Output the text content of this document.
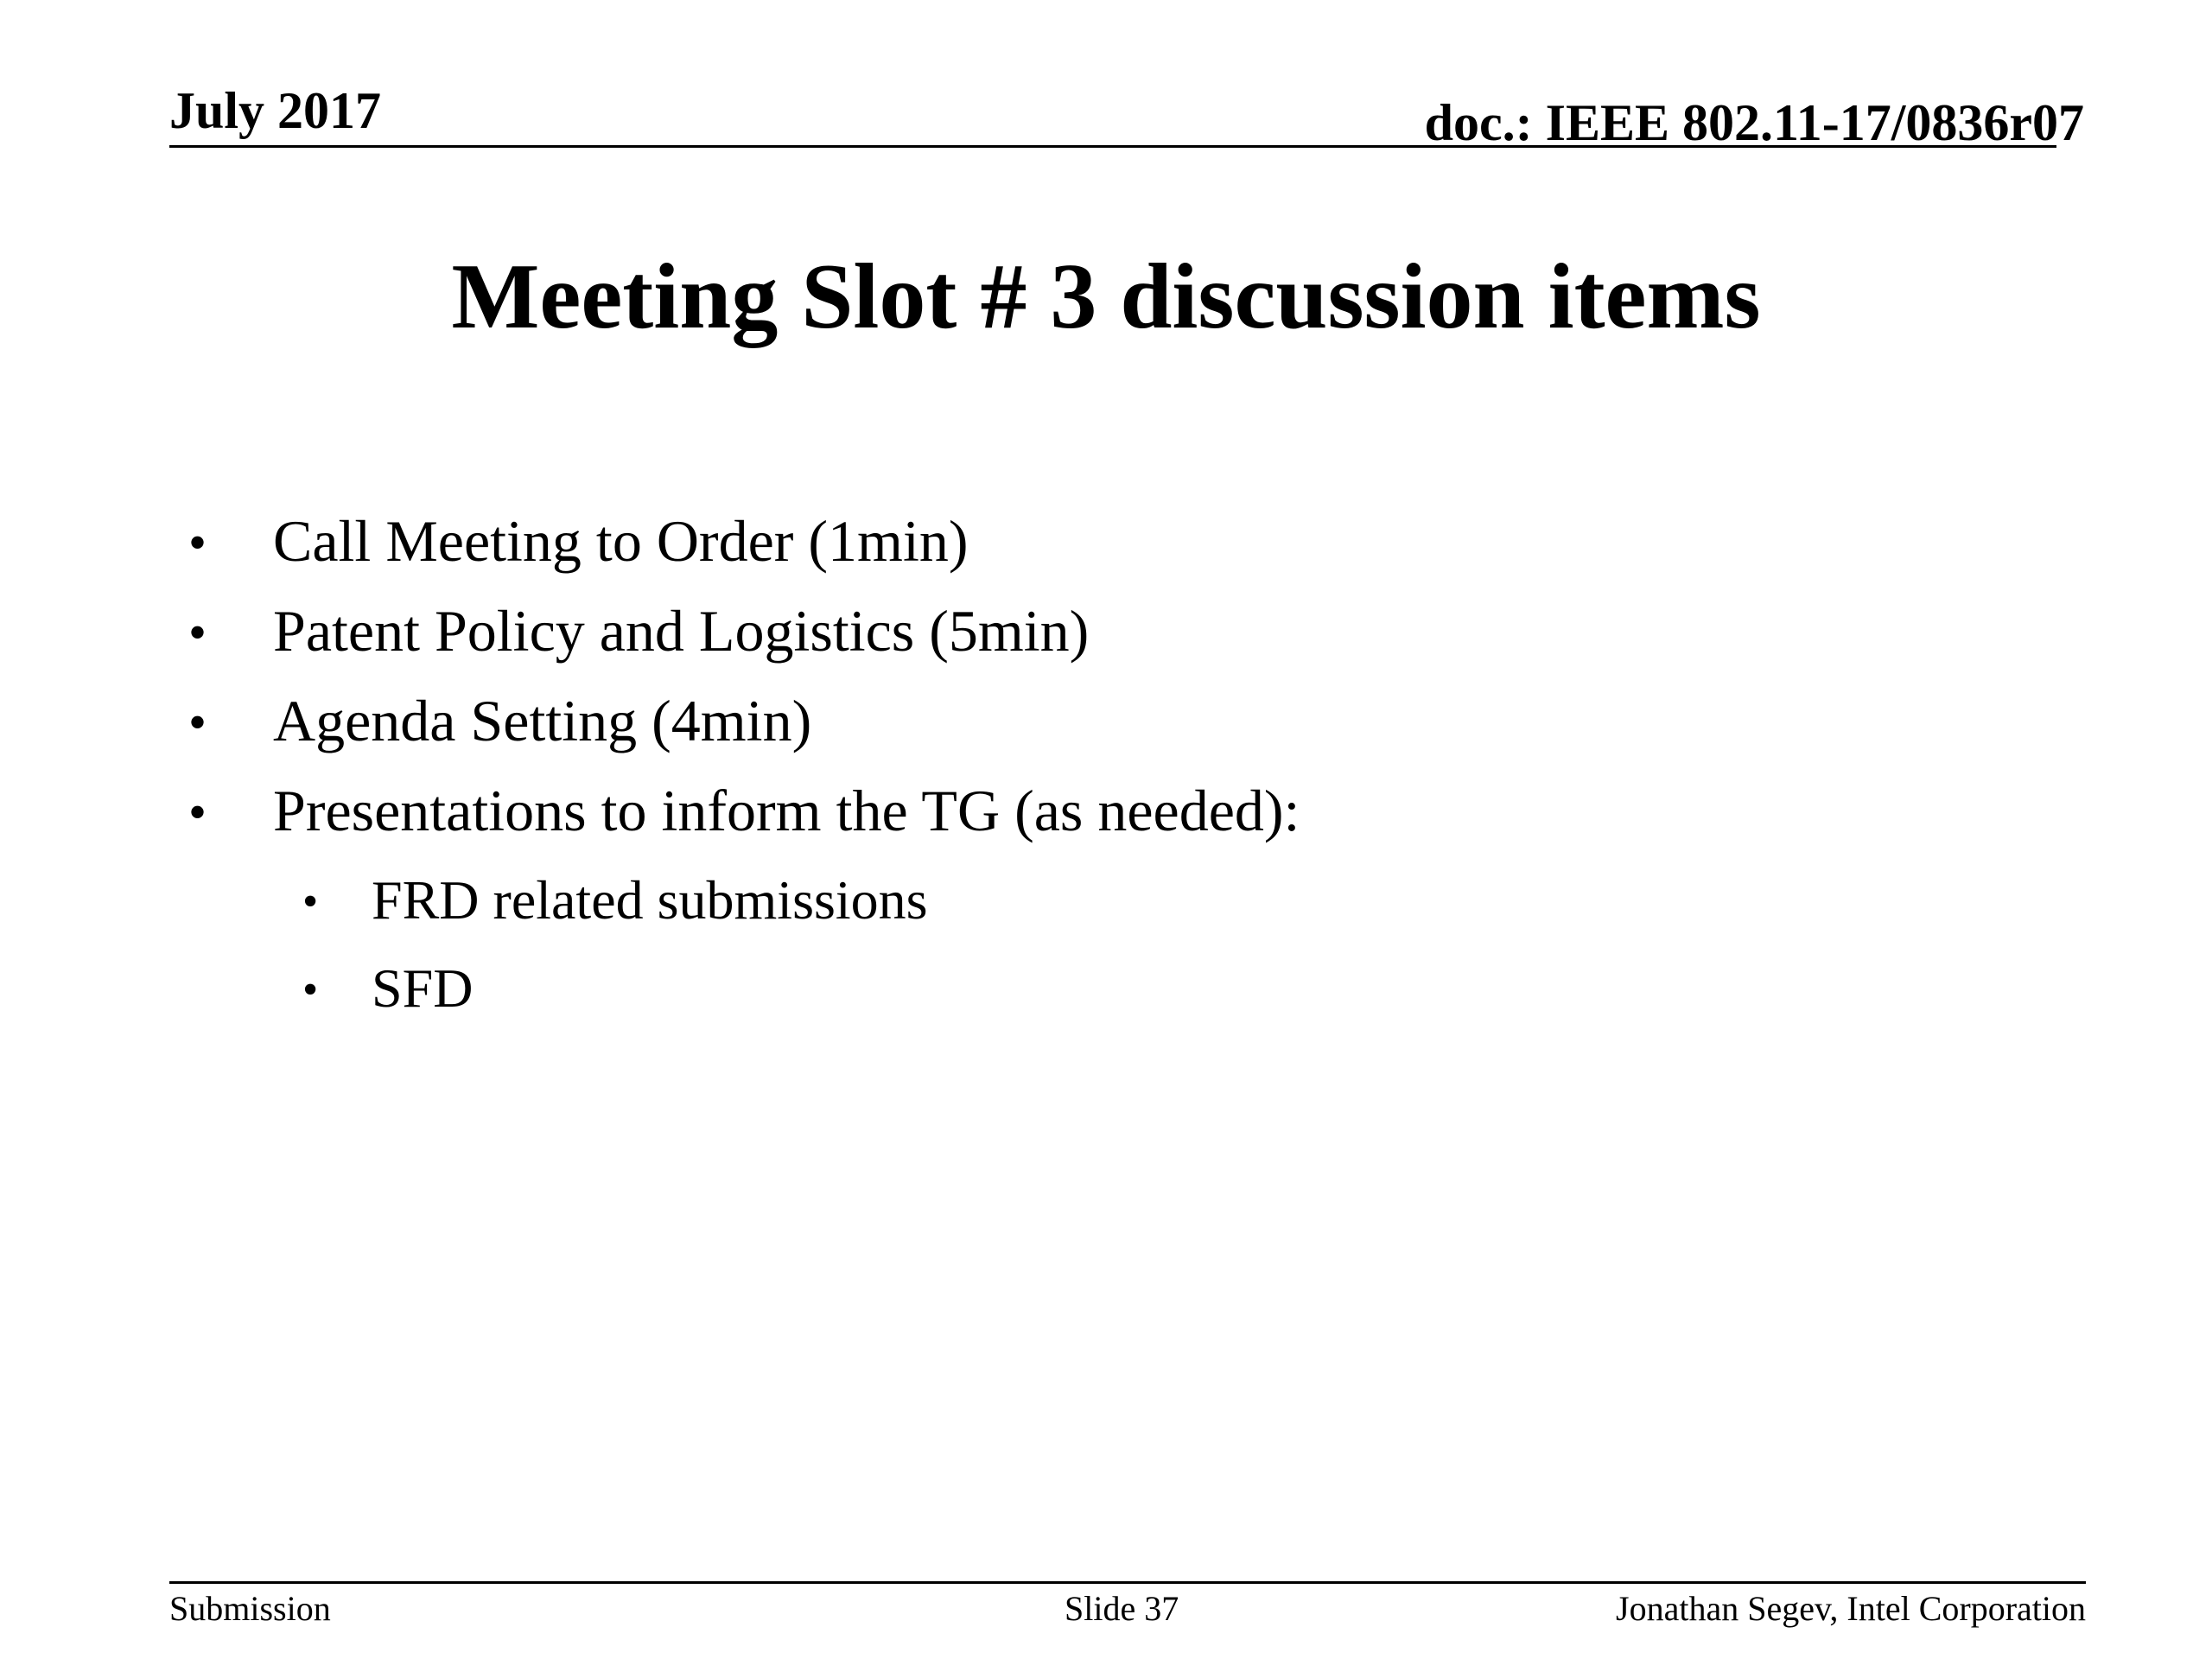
July 2017	doc.: IEEE 802.11-17/0836r07
Meeting Slot # 3 discussion items
• Call Meeting to Order (1min)
• Patent Policy and Logistics (5min)
• Agenda Setting (4min)
• Presentations to inform the TG (as needed):
• FRD related submissions
• SFD
Submission	Slide 37	Jonathan Segev, Intel Corporation
